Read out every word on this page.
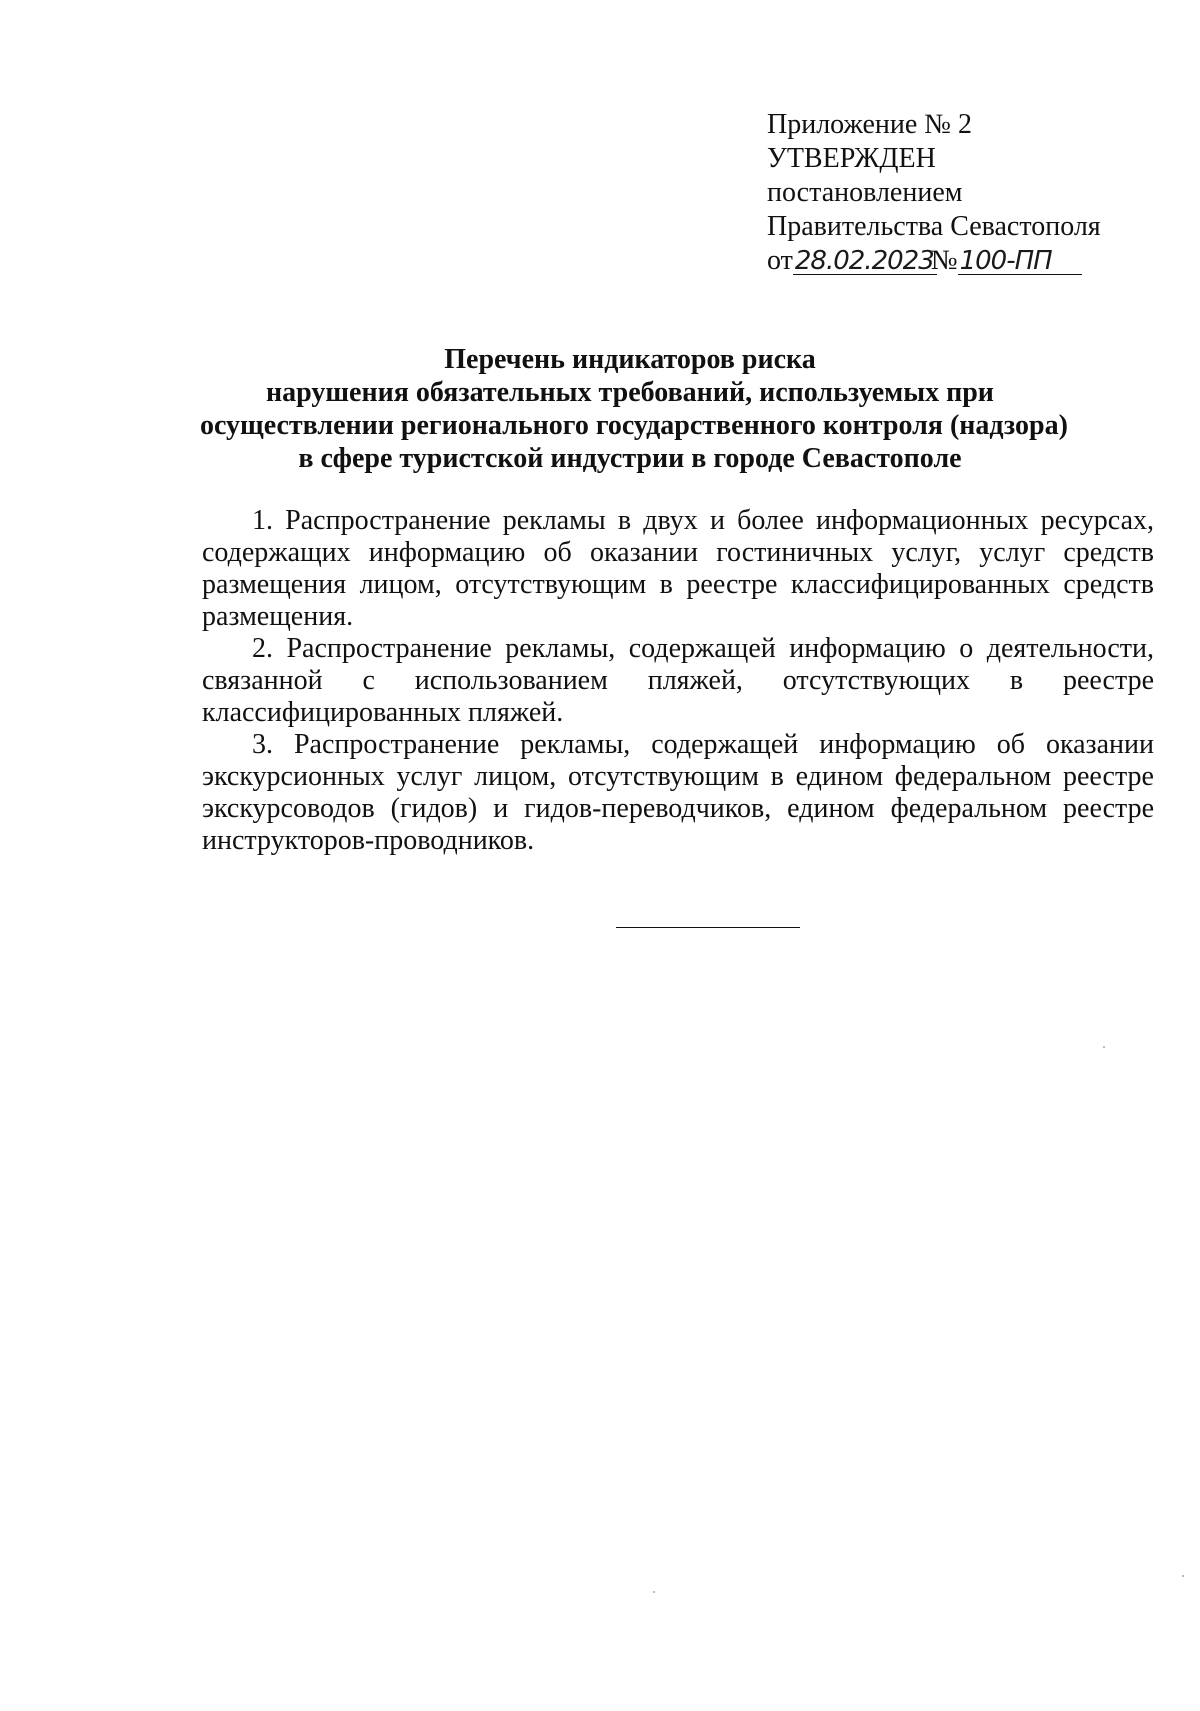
Приложение № 2
УТВЕРЖДЕН
постановлением
Правительства Севастополя
от28.02.2023№100-ПП
Перечень индикаторов риска
нарушения обязательных требований, используемых при
осуществлении регионального государственного контроля (надзора)
в сфере туристской индустрии в городе Севастополе

1. Распространение рекламы в двух и более информационных ресурсах, содержащих информацию об оказании гостиничных услуг, услуг средств размещения лицом, отсутствующим в реестре классифицированных средств размещения.

2. Распространение рекламы, содержащей информацию о деятельности, связанной с использованием пляжей, отсутствующих в реестре классифицированных пляжей.

3. Распространение рекламы, содержащей информацию об оказании экскурсионных услуг лицом, отсутствующим в едином федеральном реестре экскурсоводов (гидов) и гидов-переводчиков, едином федеральном реестре инструкторов-проводников.
